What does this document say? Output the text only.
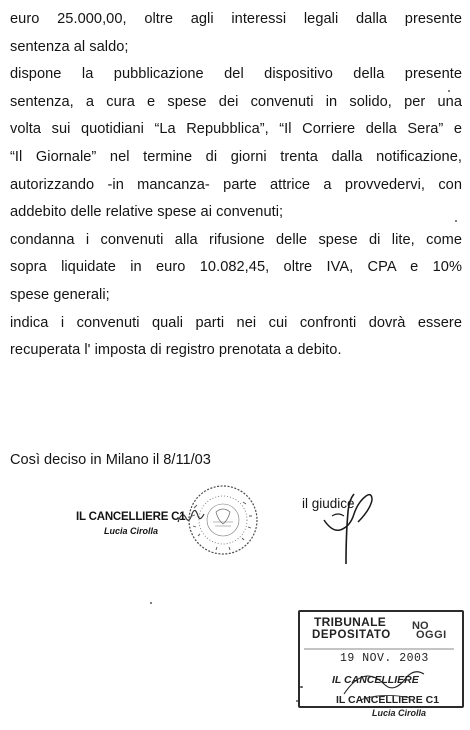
euro 25.000,00, oltre agli interessi legali dalla presente
sentenza al saldo;
dispone la pubblicazione del dispositivo della presente
sentenza, a cura e spese dei convenuti in solido, per una
volta sui quotidiani “La Repubblica”, “Il Corriere della Sera” e
“Il Giornale” nel termine di giorni trenta dalla notificazione,
autorizzando -in mancanza- parte attrice a provvedervi, con
addebito delle relative spese ai convenuti;
condanna i convenuti alla rifusione delle spese di lite, come
sopra liquidate in euro 10.082,45, oltre IVA, CPA e 10%
spese generali;
indica i convenuti quali parti nei cui confronti dovrà essere
recuperata l' imposta di registro prenotata a debito.
Così deciso in Milano il 8/11/03
IL CANCELLIERE C1
Lucia Cirolla
il giudice
TRIBUNALE NO
DEPOSITATO OGGI
19 NOV. 2003
IL CANCELLIERE
IL CANCELLIERE C1
Lucia Cirolla
